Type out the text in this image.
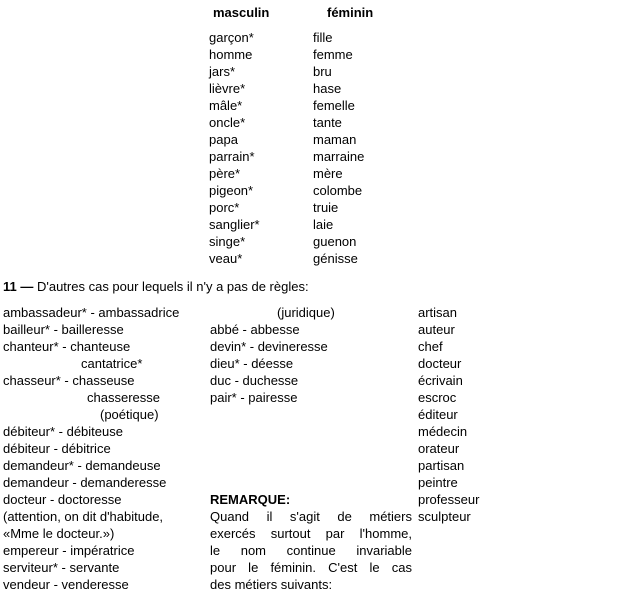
masculin	féminin
garçon*	fille
homme	femme
jars*	bru
lièvre*	hase
mâle*	femelle
oncle*	tante
papa	maman
parrain*	marraine
père*	mère
pigeon*	colombe
porc*	truie
sanglier*	laie
singe*	guenon
veau*	génisse
11 — D'autres cas pour lequels il n'y a pas de règles:
ambassadeur* - ambassadrice
bailleur* - bailleresse
chanteur* - chanteuse
cantatrice*
chasseur* - chasseuse
chasseresse
(poétique)
débiteur* - débiteuse
débiteur - débitrice
demandeur* - demandeuse
demandeur - demanderesse
docteur - doctoresse
(attention, on dit d'habitude,
«Mme le docteur.»)
empereur - impératrice
serviteur* - servante
vendeur - venderesse
(juridique)
abbé - abbesse
devin* - devineresse
dieu* - déesse
duc - duchesse
pair* - pairesse
REMARQUE:
Quand il s'agit de métiers
exercés surtout par l'homme,
le nom continue invariable
pour le féminin. C'est le cas
des métiers suivants:
artisan
auteur
chef
docteur
écrivain
escroc
éditeur
médecin
orateur
partisan
peintre
professeur
sculpteur
